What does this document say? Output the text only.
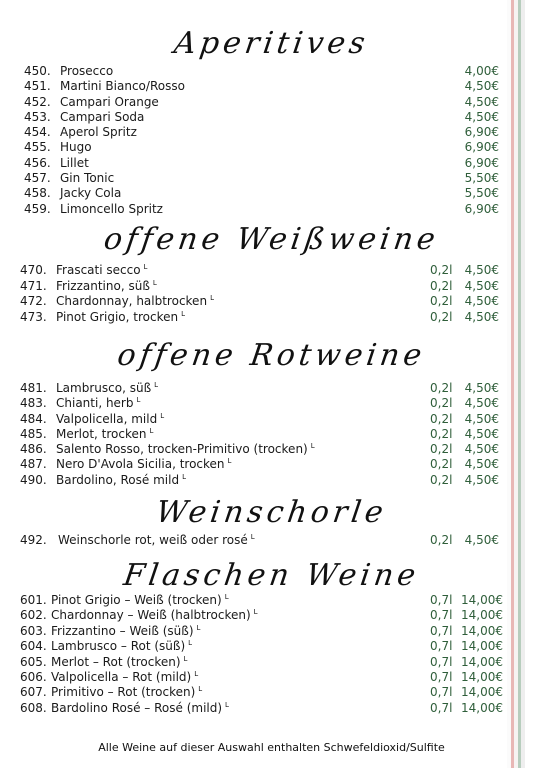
Aperitives
450. Prosecco	4,00€
451. Martini Bianco/Rosso	4,50€
452. Campari Orange	4,50€
453. Campari Soda	4,50€
454. Aperol Spritz	6,90€
455. Hugo	6,90€
456. Lillet	6,90€
457. Gin Tonic	5,50€
458. Jacky Cola	5,50€
459. Limoncello Spritz	6,90€
offene Weißweine
470. Frascati secco $^L$	0,2l 4,50€
471. Frizzantino, süß $^L$	0,2l 4,50€
472. Chardonnay, halbtrocken $^L$	0,2l 4,50€
473. Pinot Grigio, trocken $^L$	0,2l 4,50€
offene Rotweine
481. Lambrusco, süß $^L$	0,2l 4,50€
483. Chianti, herb $^L$	0,2l 4,50€
484. Valpolicella, mild $^L$	0,2l 4,50€
485. Merlot, trocken $^L$	0,2l 4,50€
486. Salento Rosso, trocken-Primitivo (trocken) $^L$	0,2l 4,50€
487. Nero D'Avola Sicilia, trocken $^L$	0,2l 4,50€
490. Bardolino, Rosé mild $^L$	0,2l 4,50€
Weinschorle
492. Weinschorle rot, weiß oder rosé $^L$	0,2l 4,50€
Flaschen Weine
601. Pinot Grigio – Weiß (trocken) $^L$	0,7l 14,00€
602. Chardonnay – Weiß (halbtrocken) $^L$	0,7l 14,00€
603. Frizzantino – Weiß (süß) $^L$	0,7l 14,00€
604. Lambrusco – Rot (süß) $^L$	0,7l 14,00€
605. Merlot – Rot (trocken) $^L$	0,7l 14,00€
606. Valpolicella – Rot (mild) $^L$	0,7l 14,00€
607. Primitivo – Rot (trocken) $^L$	0,7l 14,00€
608. Bardolino Rosé – Rosé (mild) $^L$	0,7l 14,00€
Alle Weine auf dieser Auswahl enthalten Schwefeldioxid/Sulfite
